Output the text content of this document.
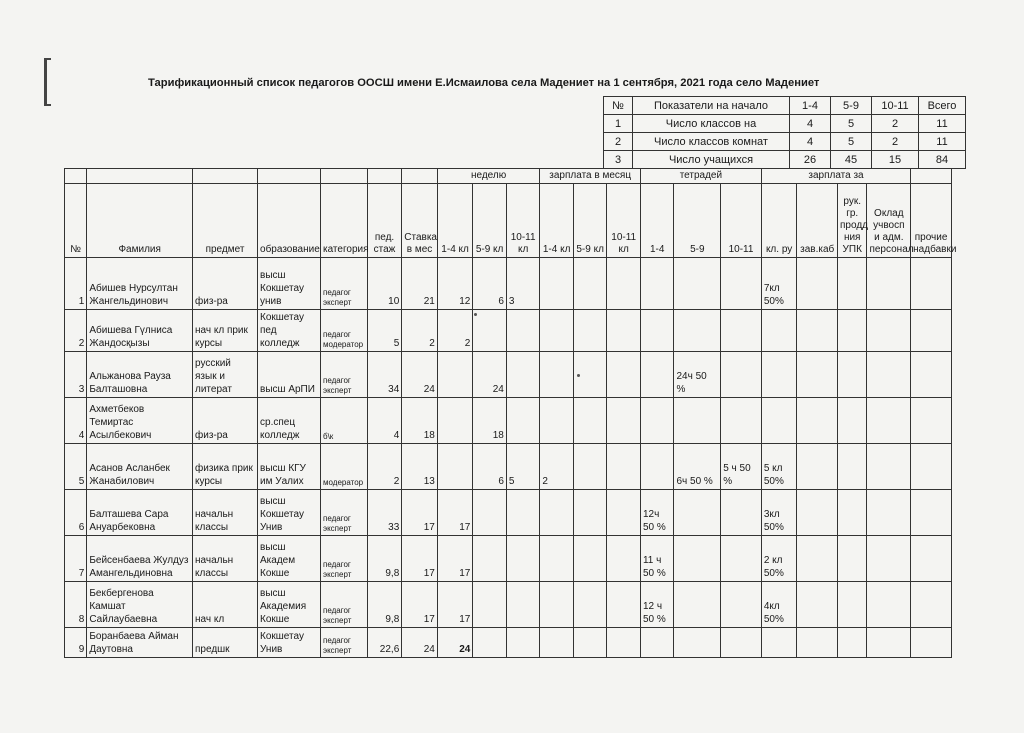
Тарификационный список педагогов ООСШ имени Е.Исмаилова села Мадениет на 1 сентября, 2021 года село Мадениет
№	Показатели на начало	1-4	5-9	10-11	Всего
1	Число классов на	4	5	2	11
2	Число классов комнат	4	5	2	11
3	Число учащихся	26	45	15	84
							неделю			зарплата в месяц			тетрадей			зарплата за				
№	Фамилия	предмет	образование	категория	пед. стаж	Ставка в мес	1-4 кл	5-9 кл	10-11 кл	1-4 кл	5-9 кл	10-11 кл	1-4	5-9	10-11	кл. ру	зав.каб	рук. гр. продд ния УПК	Оклад учвосп и адм. персонал	прочие надбавки
1	Абишев Нурсултан Жангельдинович	физ-ра	высш Кокшетау унив	педагог эксперт	10	21	12	6	3							7кл 50%				
2	Абишева Гүлниса Жандосқызы	нач кл прик курсы	Кокшетау пед колледж	педагог модератор	5	2	2													
3	Альжанова Рауза Балташовна	русский язык и литерат	высш АрПИ	педагог эксперт	34	24		24						24ч 50 %						
4	Ахметбеков Темиртас Асылбекович	физ-ра	ср.спец колледж	б\к	4	18		18												
5	Асанов Асланбек Жанабилович	физика прик курсы	высш КГУ им Уалих	модератор	2	13		6	5	2				6ч 50 %	5 ч 50 %	5 кл 50%				
6	Балташева Сара Ануарбековна	начальн классы	высш Кокшетау Унив	педагог эксперт	33	17	17						12ч 50 %			3кл 50%				
7	Бейсенбаева Жулдуз Амангельдиновна	начальн классы	высш Академ Кокше	педагог эксперт	9,8	17	17						11 ч 50 %			2 кл 50%				
8	Бекбергенова Камшат Сайлаубаевна	нач кл	высш Академия Кокше	педагог эксперт	9,8	17	17						12 ч 50 %			4кл 50%				
9	Боранбаева Айман Даутовна	предшк	Кокшетау Унив	педагог эксперт	22,6	24	24													
